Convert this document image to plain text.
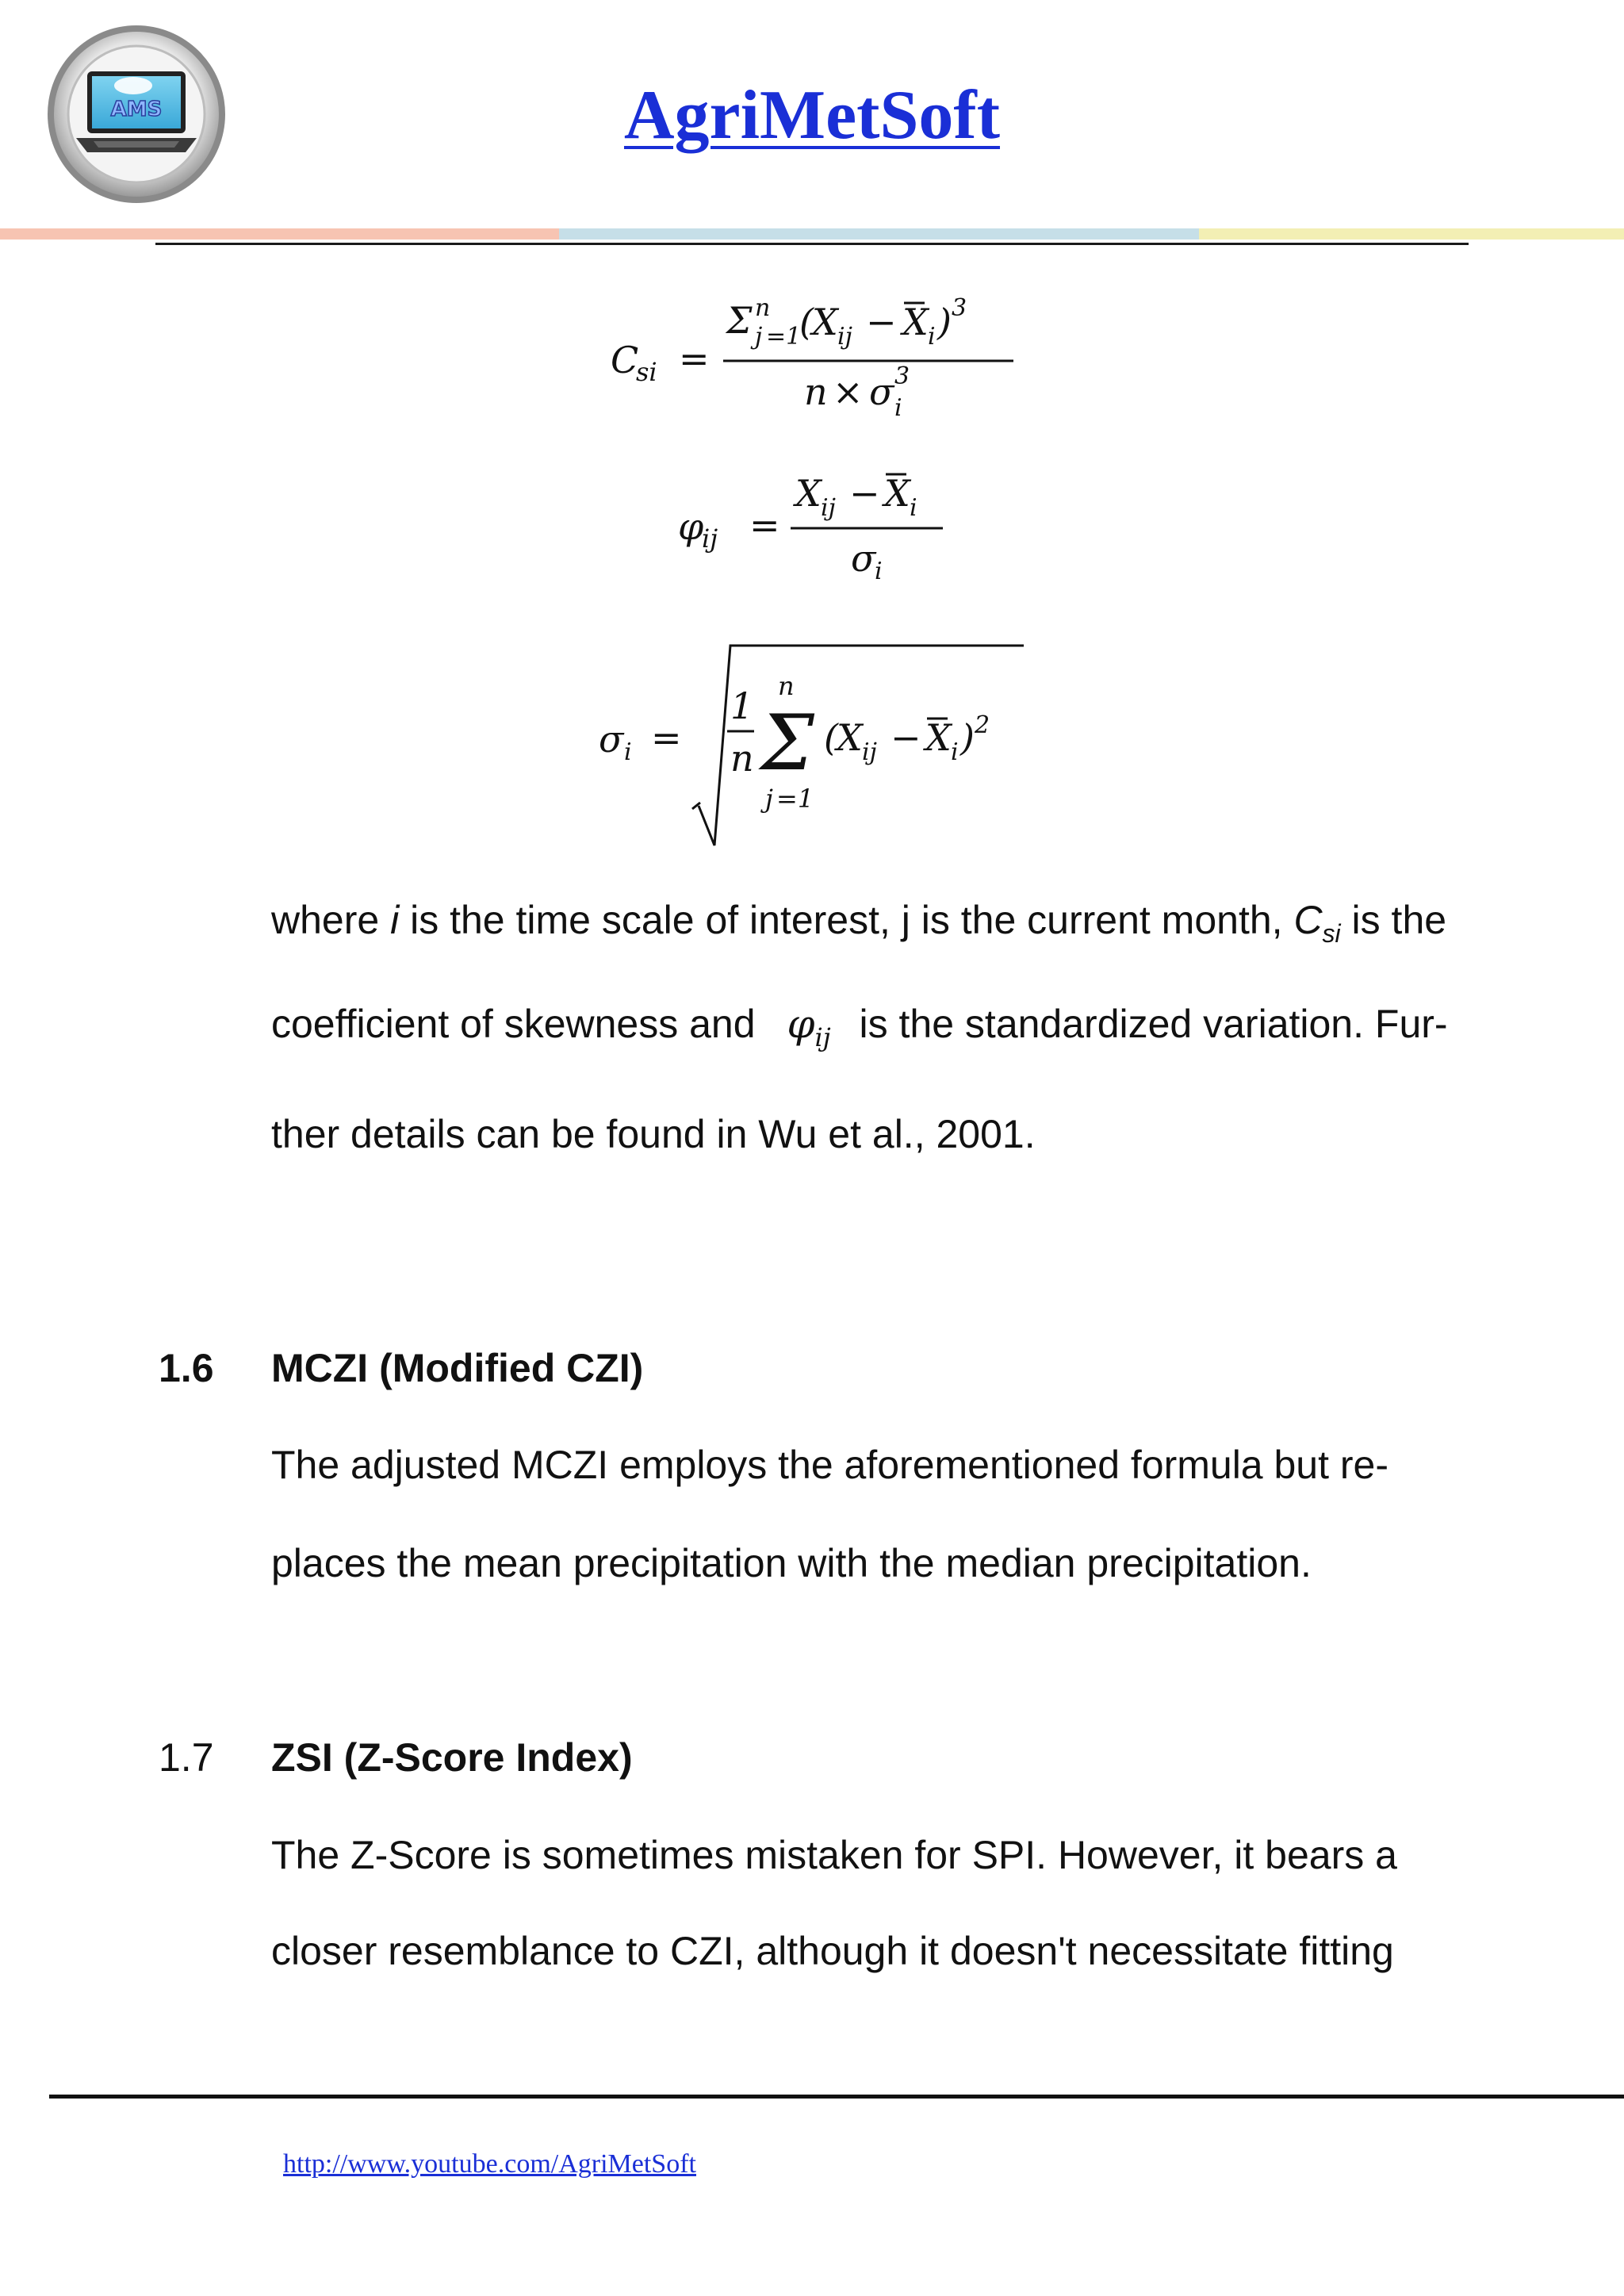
AMS	AgriMetSoft
C
si =
Σ n
j =1
(
X ij − X i ) 3
n × σ 3
i
φ
ij =
X ij − X i
σ
i
σ i =
1
n
n
Σ
j =1
(
X ij − X i ) 2
where i is the time scale of interest, j is the current month, $C_{si}$ is the
coefficient of skewness and $\varphi_{ij}$ is the standardized variation. Fur-
ther details can be found in Wu et al., 2001.
1.6 MCZI (Modified CZI)
The adjusted MCZI employs the aforementioned formula but re-
places the mean precipitation with the median precipitation.
1.7 ZSI (Z-Score Index)
The Z-Score is sometimes mistaken for SPI. However, it bears a
closer resemblance to CZI, although it doesn't necessitate fitting
http://www.youtube.com/AgriMetSoft
